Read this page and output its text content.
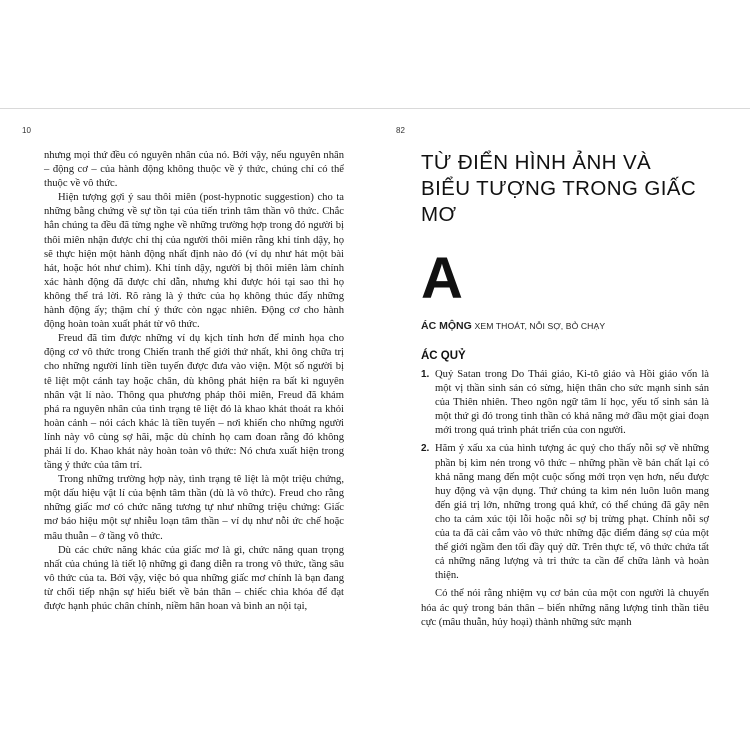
10	82

nhưng mọi thứ đều có nguyên nhân của nó. Bởi vậy, nếu nguyên nhân – động cơ – của hành động không thuộc về ý thức, chúng chỉ có thể thuộc về vô thức.

Hiện tượng gợi ý sau thôi miên (post-hypnotic suggestion) cho ta những bằng chứng về sự tồn tại của tiến trình tâm thần vô thức. Chắc hẳn chúng ta đều đã từng nghe về những trường hợp trong đó người bị thôi miên nhận được chỉ thị của người thôi miên rằng khi tỉnh dậy, họ sẽ thực hiện một hành động nhất định nào đó (ví dụ như hát một bài hát, hoặc hót như chim). Khi tỉnh dậy, người bị thôi miên làm chính xác hành động đã được chỉ dẫn, nhưng khi được hỏi tại sao thì họ không thể trả lời. Rõ ràng là ý thức của họ không thúc đẩy những hành động ấy; thậm chí ý thức còn ngạc nhiên. Động cơ cho hành động hoàn toàn xuất phát từ vô thức.

Freud đã tìm được những ví dụ kịch tính hơn để minh họa cho động cơ vô thức trong Chiến tranh thế giới thứ nhất, khi ông chữa trị cho những người lính tiền tuyến được đưa vào viện. Một số người bị tê liệt một cánh tay hoặc chân, dù không phát hiện ra bất kì nguyên nhân vật lí nào. Thông qua phương pháp thôi miên, Freud đã khám phá ra nguyên nhân của tình trạng tê liệt đó là khao khát thoát ra khỏi hoàn cảnh – nói cách khác là tiền tuyến – nơi khiến cho những người lính này vô cùng sợ hãi, mặc dù chính họ cam đoan rằng đó không phải lí do. Khao khát này hoàn toàn vô thức: Nó chưa xuất hiện trong tầng ý thức của tâm trí.

Trong những trường hợp này, tình trạng tê liệt là một triệu chứng, một dấu hiệu vật lí của bệnh tâm thần (dù là vô thức). Freud cho rằng những giấc mơ có chức năng tương tự như những triệu chứng: Giấc mơ báo hiệu một sự nhiễu loạn tâm thần – ví dụ như nỗi ức chế hoặc mâu thuẫn – ở tầng vô thức.

Dù các chức năng khác của giấc mơ là gì, chức năng quan trọng nhất của chúng là tiết lộ những gì đang diễn ra trong vô thức, tầng sâu vô thức của ta. Bởi vậy, việc bỏ qua những giấc mơ chính là bạn đang từ chối tiếp nhận sự hiểu biết về bản thân – chiếc chìa khóa để đạt được hạnh phúc chân chính, niềm hân hoan và bình an nội tại,

TỪ ĐIỂN HÌNH ẢNH VÀ
BIỂU TƯỢNG TRONG GIẤC MƠ
A
ÁC MỘNG XEM THOÁT, NỖI SỢ, BỎ CHẠY
ÁC QUỶ
1. Quỷ Satan trong Do Thái giáo, Ki-tô giáo và Hồi giáo vốn là một vị thần sinh sản có sừng, hiện thân cho sức mạnh sinh sản của Thiên nhiên. Theo ngôn ngữ tâm lí học, yếu tố sinh sản là một thứ gì đó trong tinh thần có khả năng mở đầu một giai đoạn mới trong quá trình phát triển của con người.
2. Hăm ý xấu xa của hình tượng ác quỷ cho thấy nỗi sợ về những phần bị kìm nén trong vô thức – những phần về bản chất lại có khả năng mang đến một cuộc sống mới trọn vẹn hơn, nếu được huy động và vận dụng. Thứ chúng ta kìm nén luôn luôn mang đến giá trị lớn, những trong quá khứ, có thể chúng đã gây nên cho ta cảm xúc tội lỗi hoặc nỗi sợ bị trừng phạt. Chính nỗi sợ của ta đã cài cắm vào vô thức những đặc điểm đáng sợ của một thế giới ngầm đen tối đầy quỷ dữ. Trên thực tế, vô thức chứa tất cả những năng lượng và tri thức ta cần để chữa lành và hoàn thiện.

Có thể nói rằng nhiệm vụ cơ bản của một con người là chuyển hóa ác quỷ trong bản thân – biến những năng lượng tinh thần tiêu cực (mâu thuẫn, hủy hoại) thành những sức mạnh
